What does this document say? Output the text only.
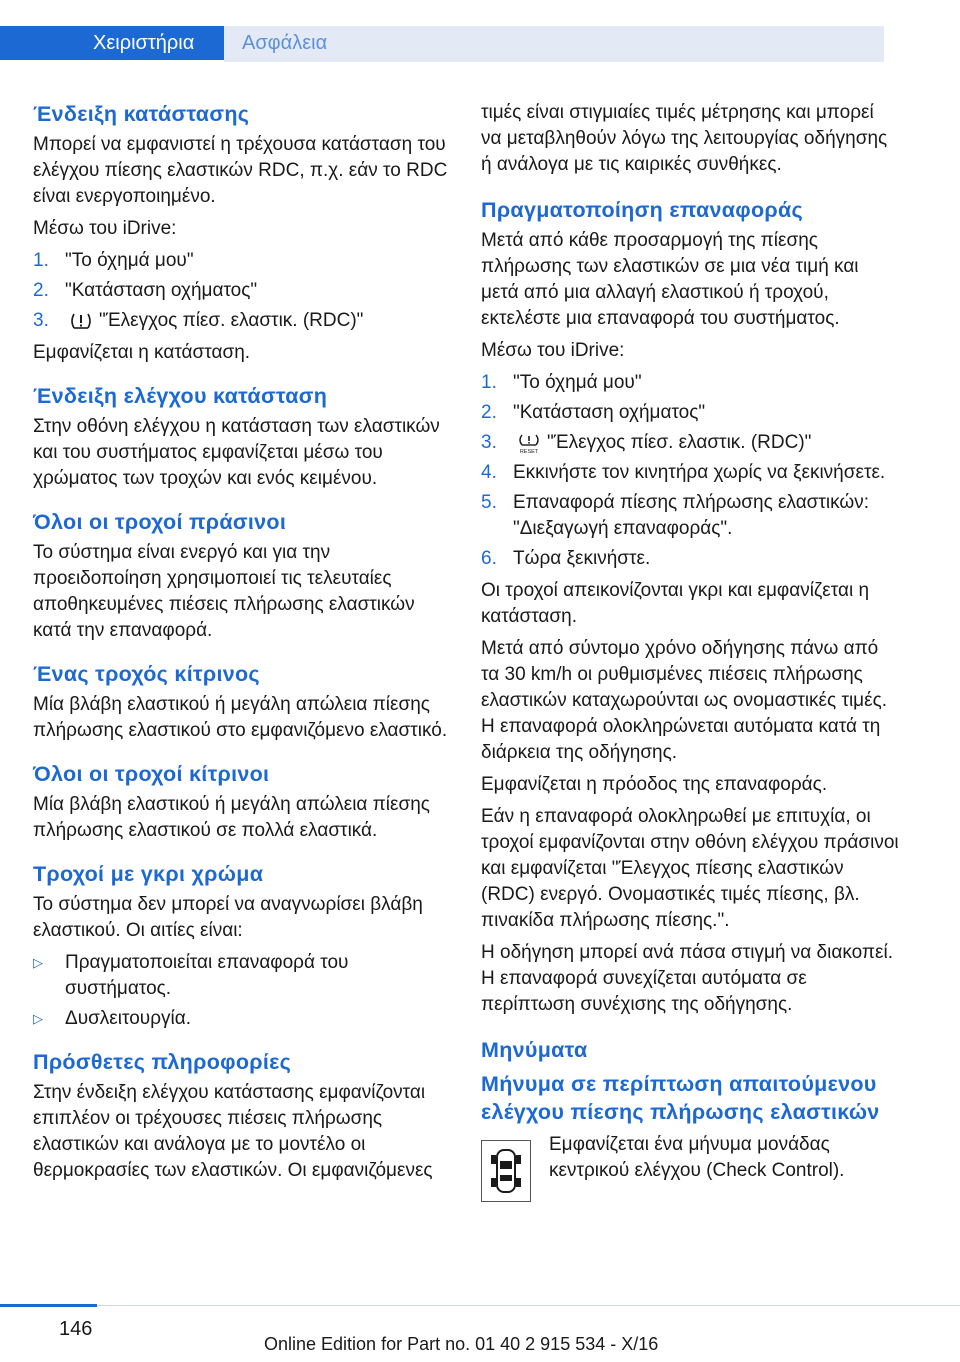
Χειριστήρια	Ασφάλεια
Ένδειξη κατάστασης

Μπορεί να εμφανιστεί η τρέχουσα κατάσταση του ελέγχου πίεσης ελαστικών RDC, π.χ. εάν το RDC είναι ενεργοποιημένο.

Μέσω του iDrive:

1. "Το όχημά μου"
2. "Κατάσταση οχήματος"
3.	"Έλεγχος πίεσ. ελαστικ. (RDC)"

Εμφανίζεται η κατάσταση.

Ένδειξη ελέγχου κατάσταση

Στην οθόνη ελέγχου η κατάσταση των ελαστικών και του συστήματος εμφανίζεται μέσω του χρώματος των τροχών και ενός κειμένου.

Όλοι οι τροχοί πράσινοι

Το σύστημα είναι ενεργό και για την προειδοποίηση χρησιμοποιεί τις τελευταίες αποθηκευμένες πιέσεις πλήρωσης ελαστικών κατά την επαναφορά.

Ένας τροχός κίτρινος

Μία βλάβη ελαστικού ή μεγάλη απώλεια πίεσης πλήρωσης ελαστικού στο εμφανιζόμενο ελαστικό.

Όλοι οι τροχοί κίτρινοι

Μία βλάβη ελαστικού ή μεγάλη απώλεια πίεσης πλήρωσης ελαστικού σε πολλά ελαστικά.

Τροχοί με γκρι χρώμα

Το σύστημα δεν μπορεί να αναγνωρίσει βλάβη ελαστικού. Οι αιτίες είναι:

▷	Πραγματοποιείται επαναφορά του συστήματος.
▷	Δυσλειτουργία.
Πρόσθετες πληροφορίες

Στην ένδειξη ελέγχου κατάστασης εμφανίζονται επιπλέον οι τρέχουσες πιέσεις πλήρωσης ελαστικών και ανάλογα με το μοντέλο οι θερμοκρασίες των ελαστικών. Οι εμφανιζόμενες

τιμές είναι στιγμιαίες τιμές μέτρησης και μπορεί να μεταβληθούν λόγω της λειτουργίας οδήγησης ή ανάλογα με τις καιρικές συνθήκες.

Πραγματοποίηση επαναφοράς

Μετά από κάθε προσαρμογή της πίεσης πλήρωσης των ελαστικών σε μια νέα τιμή και μετά από μια αλλαγή ελαστικού ή τροχού, εκτελέστε μια επαναφορά του συστήματος.

Μέσω του iDrive:

1. "Το όχημά μου"
2. "Κατάσταση οχήματος"
3.	RESET "Έλεγχος πίεσ. ελαστικ. (RDC)"
4. Εκκινήστε τον κινητήρα χωρίς να ξεκινήσετε.
5. Επαναφορά πίεσης πλήρωσης ελαστικών: "Διεξαγωγή επαναφοράς".
6. Τώρα ξεκινήστε.

Οι τροχοί απεικονίζονται γκρι και εμφανίζεται η κατάσταση.

Μετά από σύντομο χρόνο οδήγησης πάνω από τα 30 km/h οι ρυθμισμένες πιέσεις πλήρωσης ελαστικών καταχωρούνται ως ονομαστικές τιμές. Η επαναφορά ολοκληρώνεται αυτόματα κατά τη διάρκεια της οδήγησης.

Εμφανίζεται η πρόοδος της επαναφοράς.

Εάν η επαναφορά ολοκληρωθεί με επιτυχία, οι τροχοί εμφανίζονται στην οθόνη ελέγχου πράσινοι και εμφανίζεται "Έλεγχος πίεσης ελαστικών (RDC) ενεργό. Ονομαστικές τιμές πίεσης, βλ. πινακίδα πλήρωσης πίεσης.".

Η οδήγηση μπορεί ανά πάσα στιγμή να διακοπεί. Η επαναφορά συνεχίζεται αυτόματα σε περίπτωση συνέχισης της οδήγησης.

Μηνύματα
Μήνυμα σε περίπτωση απαιτούμενου ελέγχου πίεσης πλήρωσης ελαστικών

Εμφανίζεται ένα μήνυμα μονάδας κεντρικού ελέγχου (Check Control).

146
Online Edition for Part no. 01 40 2 915 534 - X/16
